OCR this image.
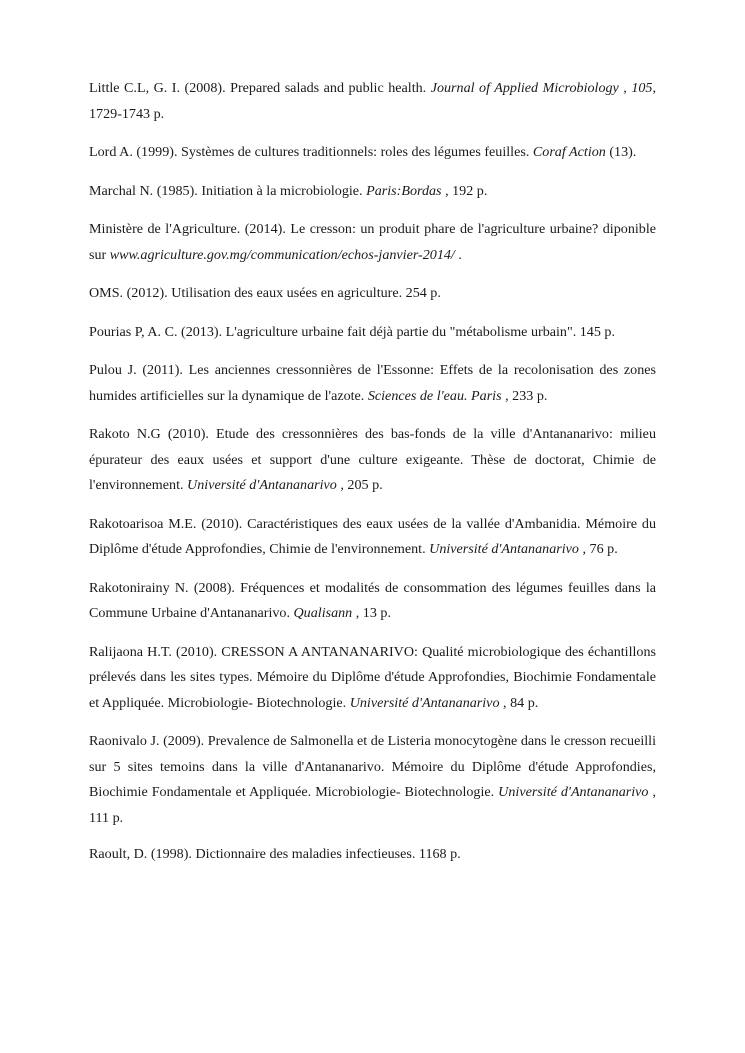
Little C.L, G. I. (2008). Prepared salads and public health. Journal of Applied Microbiology , 105, 1729-1743 p.

Lord A. (1999). Systèmes de cultures traditionnels: roles des légumes feuilles. Coraf Action (13).

Marchal N. (1985). Initiation à la microbiologie. Paris:Bordas , 192 p.

Ministère de l'Agriculture. (2014). Le cresson: un produit phare de l'agriculture urbaine? diponible sur www.agriculture.gov.mg/communication/echos-janvier-2014/ .

OMS. (2012). Utilisation des eaux usées en agriculture. 254 p.

Pourias P, A. C. (2013). L'agriculture urbaine fait déjà partie du "métabolisme urbain". 145 p.

Pulou J. (2011). Les anciennes cressonnières de l'Essonne: Effets de la recolonisation des zones humides artificielles sur la dynamique de l'azote. Sciences de l'eau. Paris , 233 p.

Rakoto N.G (2010). Etude des cressonnières des bas-fonds de la ville d'Antananarivo: milieu épurateur des eaux usées et support d'une culture exigeante. Thèse de doctorat, Chimie de l'environnement. Université d'Antananarivo , 205 p.

Rakotoarisoa M.E. (2010). Caractéristiques des eaux usées de la vallée d'Ambanidia. Mémoire du Diplôme d'étude Approfondies, Chimie de l'environnement. Université d'Antananarivo , 76 p.

Rakotonirainy N. (2008). Fréquences et modalités de consommation des légumes feuilles dans la Commune Urbaine d'Antananarivo. Qualisann , 13 p.

Ralijaona H.T. (2010). CRESSON A ANTANANARIVO: Qualité microbiologique des échantillons prélevés dans les sites types. Mémoire du Diplôme d'étude Approfondies, Biochimie Fondamentale et Appliquée. Microbiologie- Biotechnologie. Université d'Antananarivo , 84 p.

Raonivalo J. (2009). Prevalence de Salmonella et de Listeria monocytogène dans le cresson recueilli sur 5 sites temoins dans la ville d'Antananarivo. Mémoire du Diplôme d'étude Approfondies, Biochimie Fondamentale et Appliquée. Microbiologie- Biotechnologie. Université d'Antananarivo , 111 p.

Raoult, D. (1998). Dictionnaire des maladies infectieuses. 1168 p.
